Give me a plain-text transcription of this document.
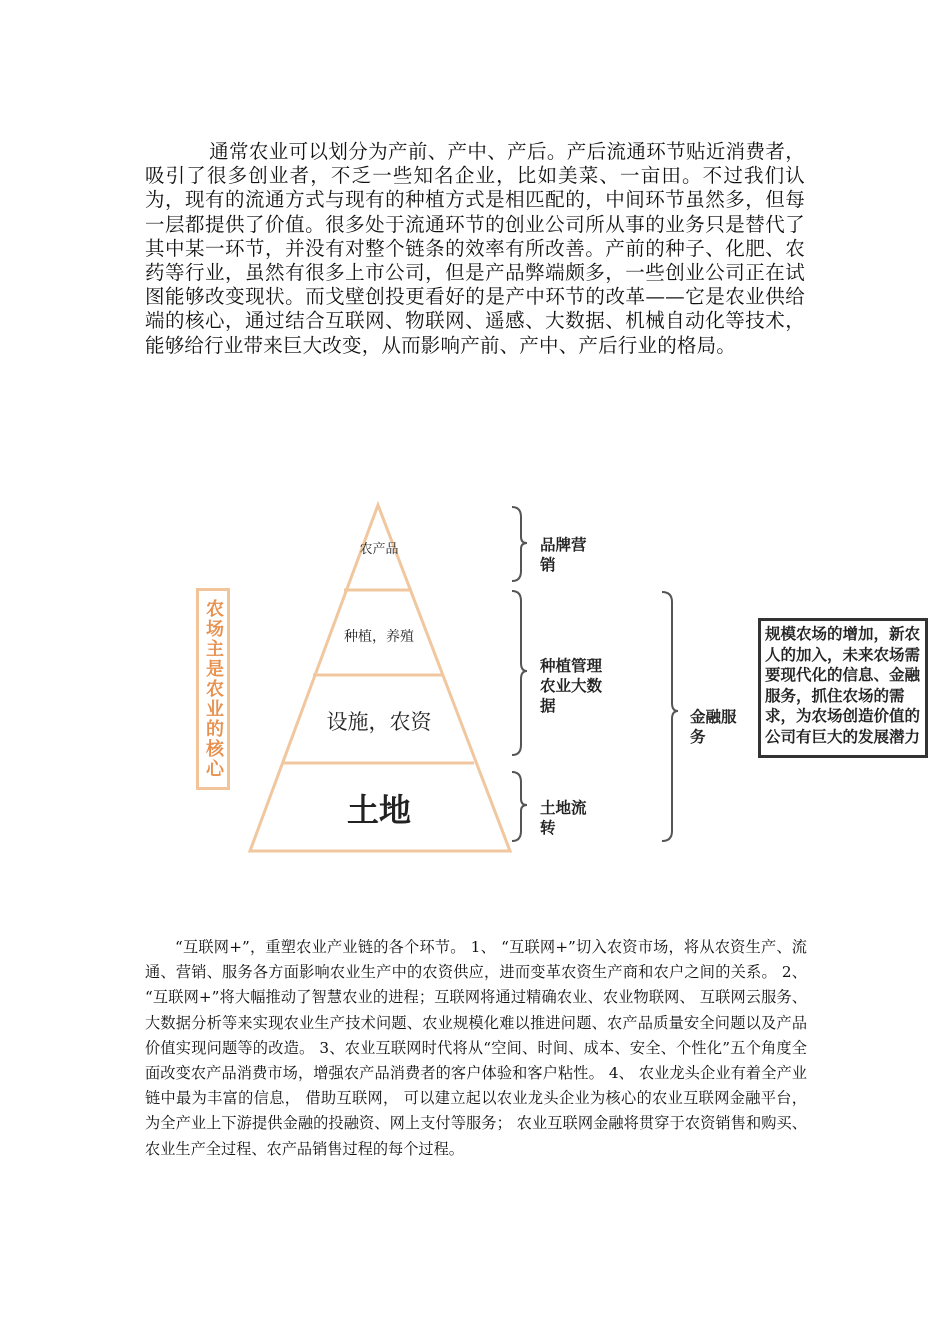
通常农业可以划分为产前、产中、产后。产后流通环节贴近消费者，吸引了很多创业者，不乏一些知名企业，比如美菜、一亩田。不过我们认为，现有的流通方式与现有的种植方式是相匹配的，中间环节虽然多，但每一层都提供了价值。很多处于流通环节的创业公司所从事的业务只是替代了其中某一环节，并没有对整个链条的效率有所改善。产前的种子、化肥、农药等行业，虽然有很多上市公司，但是产品弊端颇多，一些创业公司正在试图能够改变现状。而戈壁创投更看好的是产中环节的改革——它是农业供给端的核心，通过结合互联网、物联网、遥感、大数据、机械自动化等技术，能够给行业带来巨大改变，从而影响产前、产中、产后行业的格局。
农产品
种植，养殖
设施，农资
土地
农场主是农业的核心
品牌营销
种植管理农业大数据
土地流转
金融服务
规模农场的增加，新农人的加入，未来农场需要现代化的信息、金融服务，抓住农场的需求，为农场创造价值的公司有巨大的发展潜力
“互联网+”，重塑农业产业链的各个环节。 1、 “互联网+”切入农资市场，将从农资生产、流通、营销、服务各方面影响农业生产中的农资供应，进而变革农资生产商和农户之间的关系。 2、 “互联网+”将大幅推动了智慧农业的进程；互联网将通过精确农业、农业物联网、 互联网云服务、大数据分析等来实现农业生产技术问题、农业规模化难以推进问题、农产品质量安全问题以及产品价值实现问题等的改造。 3、农业互联网时代将从“空间、时间、成本、安全、个性化”五个角度全面改变农产品消费市场，增强农产品消费者的客户体验和客户粘性。 4、 农业龙头企业有着全产业链中最为丰富的信息， 借助互联网， 可以建立起以农业龙头企业为核心的农业互联网金融平台，为全产业上下游提供金融的投融资、网上支付等服务； 农业互联网金融将贯穿于农资销售和购买、农业生产全过程、农产品销售过程的每个过程。
